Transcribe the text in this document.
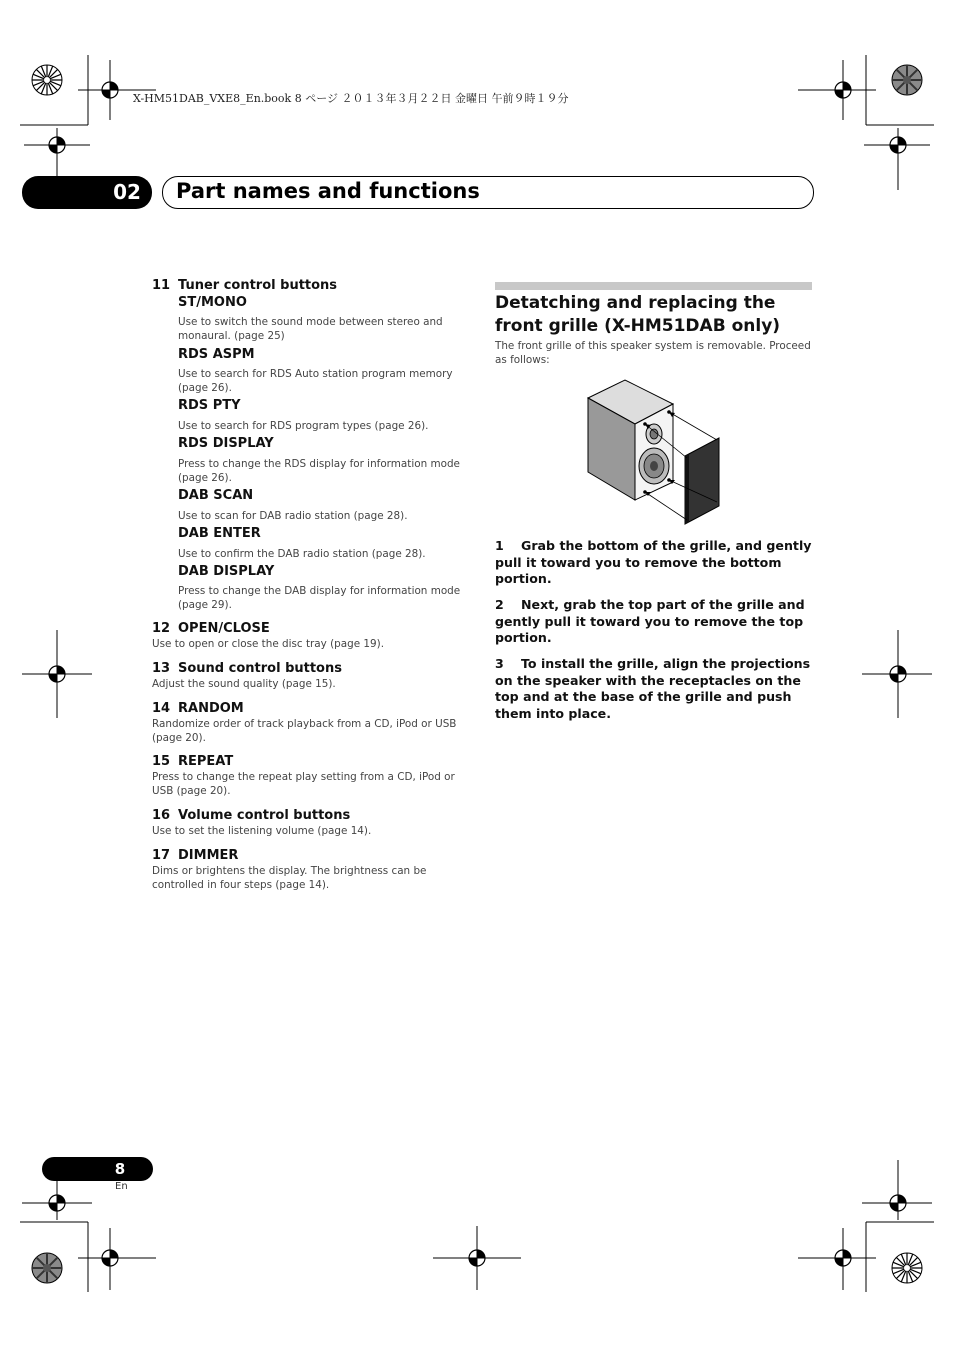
X-HM51DAB_VXE8_En.book 8 ページ ２０１３年３月２２日 金曜日 午前９時１９分
02 Part names and functions
11 Tuner control buttons
ST/MONO
Use to switch the sound mode between stereo and monaural. (page 25)
RDS ASPM
Use to search for RDS Auto station program memory (page 26).
RDS PTY
Use to search for RDS program types (page 26).
RDS DISPLAY
Press to change the RDS display for information mode (page 26).
DAB SCAN
Use to scan for DAB radio station (page 28).
DAB ENTER
Use to confirm the DAB radio station (page 28).
DAB DISPLAY
Press to change the DAB display for information mode (page 29).
12 OPEN/CLOSE
Use to open or close the disc tray (page 19).
13 Sound control buttons
Adjust the sound quality (page 15).
14 RANDOM
Randomize order of track playback from a CD, iPod or USB (page 20).
15 REPEAT
Press to change the repeat play setting from a CD, iPod or USB (page 20).
16 Volume control buttons
Use to set the listening volume (page 14).
17 DIMMER
Dims or brightens the display. The brightness can be controlled in four steps (page 14).
Detatching and replacing the front grille (X-HM51DAB only)
The front grille of this speaker system is removable. Proceed as follows:
1 Grab the bottom of the grille, and gently pull it toward you to remove the bottom portion.
2 Next, grab the top part of the grille and gently pull it toward you to remove the top portion.
3 To install the grille, align the projections on the speaker with the receptacles on the top and at the base of the grille and push them into place.
8
En
